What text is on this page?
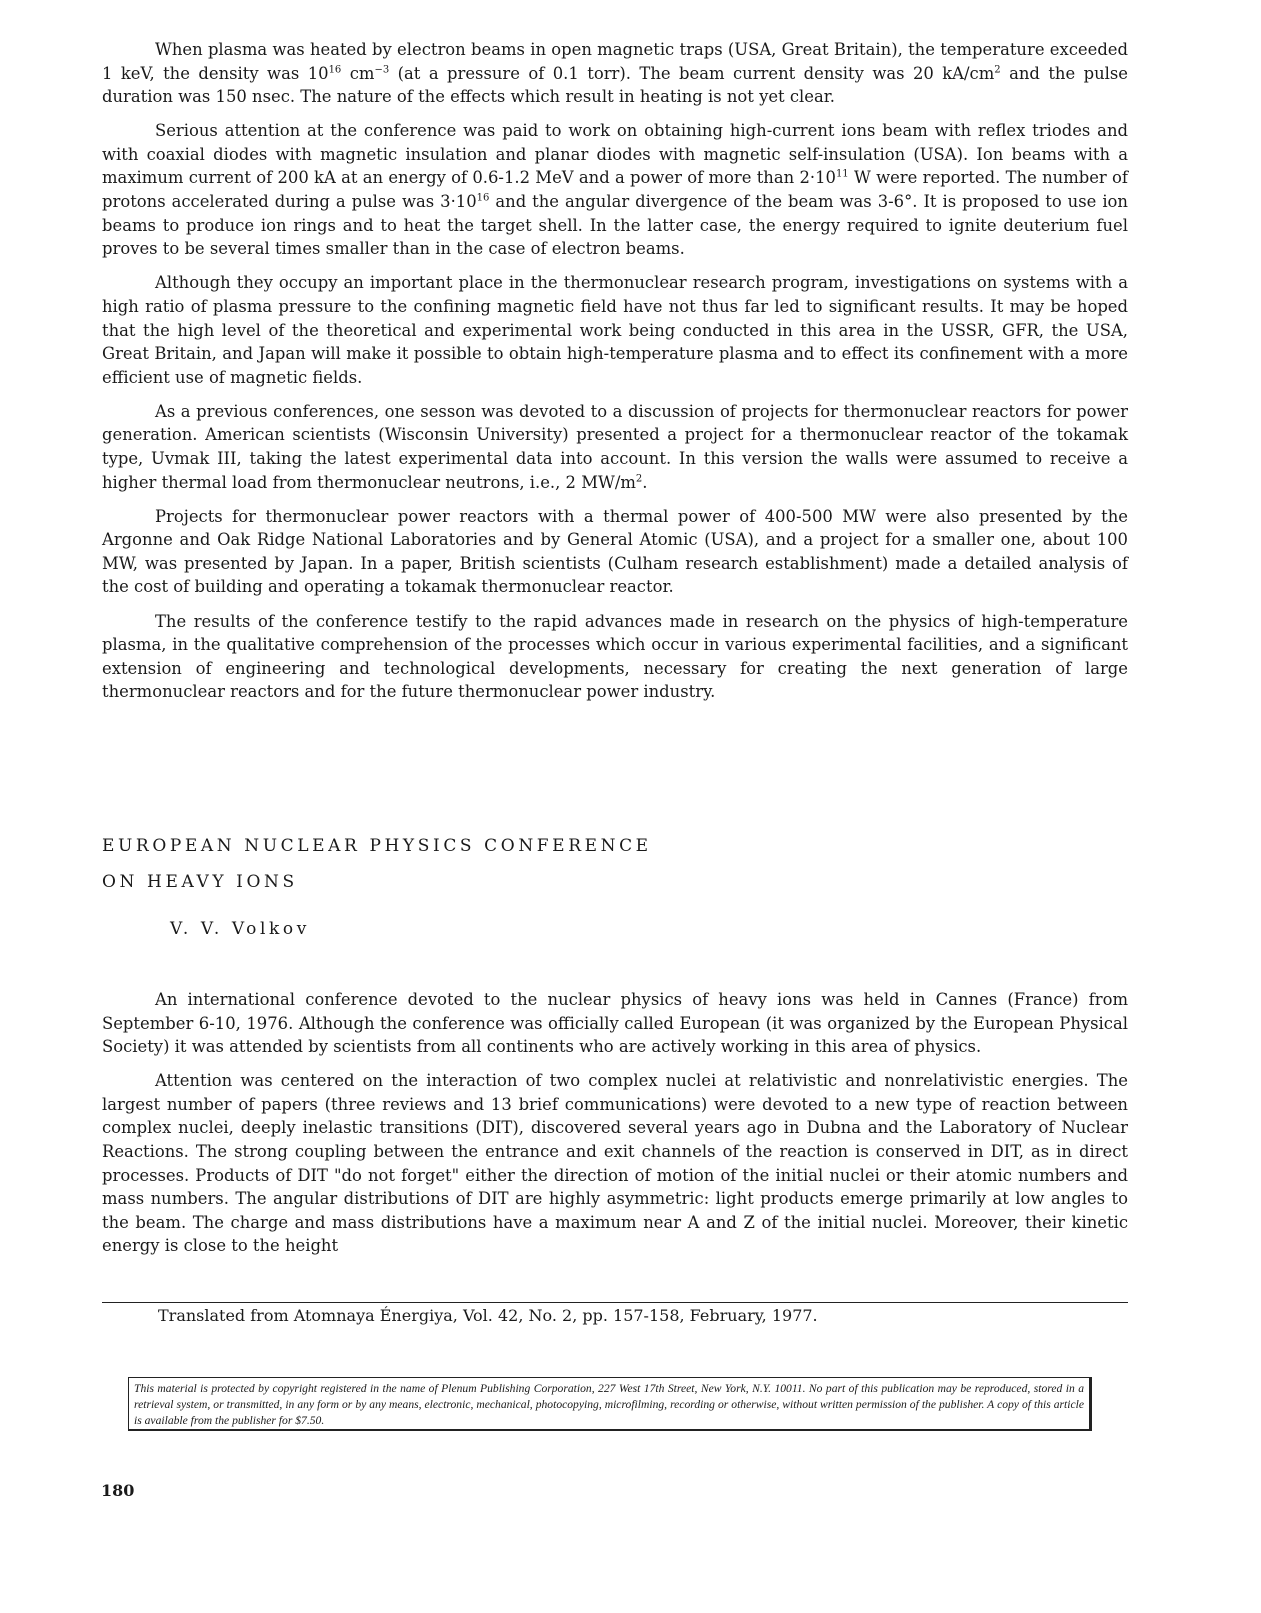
When plasma was heated by electron beams in open magnetic traps (USA, Great Britain), the temperature exceeded 1 keV, the density was $10^{16}$ $cm^{-3}$ (at a pressure of 0.1 torr). The beam current density was 20 $kA/cm^2$ and the pulse duration was 150 nsec. The nature of the effects which result in heating is not yet clear.

Serious attention at the conference was paid to work on obtaining high-current ions beam with reflex triodes and with coaxial diodes with magnetic insulation and planar diodes with magnetic self-insulation (USA). Ion beams with a maximum current of 200 kA at an energy of 0.6-1.2 MeV and a power of more than $2\cdot 10^{11}$ W were reported. The number of protons accelerated during a pulse was $3\cdot 10^{16}$ and the angular divergence of the beam was 3-6°. It is proposed to use ion beams to produce ion rings and to heat the target shell. In the latter case, the energy required to ignite deuterium fuel proves to be several times smaller than in the case of electron beams.

Although they occupy an important place in the thermonuclear research program, investigations on systems with a high ratio of plasma pressure to the confining magnetic field have not thus far led to significant results. It may be hoped that the high level of the theoretical and experimental work being conducted in this area in the USSR, GFR, the USA, Great Britain, and Japan will make it possible to obtain high-temperature plasma and to effect its confinement with a more efficient use of magnetic fields.

As a previous conferences, one sesson was devoted to a discussion of projects for thermonuclear reactors for power generation. American scientists (Wisconsin University) presented a project for a thermonuclear reactor of the tokamak type, Uvmak III, taking the latest experimental data into account. In this version the walls were assumed to receive a higher thermal load from thermonuclear neutrons, i.e., 2 $MW/m^2$.

Projects for thermonuclear power reactors with a thermal power of 400-500 MW were also presented by the Argonne and Oak Ridge National Laboratories and by General Atomic (USA), and a project for a smaller one, about 100 MW, was presented by Japan. In a paper, British scientists (Culham research establishment) made a detailed analysis of the cost of building and operating a tokamak thermonuclear reactor.

The results of the conference testify to the rapid advances made in research on the physics of high-temperature plasma, in the qualitative comprehension of the processes which occur in various experimental facilities, and a significant extension of engineering and technological developments, necessary for creating the next generation of large thermonuclear reactors and for the future thermonuclear power industry.

EUROPEAN NUCLEAR PHYSICS CONFERENCE
ON HEAVY IONS
V. V. Volkov

An international conference devoted to the nuclear physics of heavy ions was held in Cannes (France) from September 6-10, 1976. Although the conference was officially called European (it was organized by the European Physical Society) it was attended by scientists from all continents who are actively working in this area of physics.

Attention was centered on the interaction of two complex nuclei at relativistic and nonrelativistic energies. The largest number of papers (three reviews and 13 brief communications) were devoted to a new type of reaction between complex nuclei, deeply inelastic transitions (DIT), discovered several years ago in Dubna and the Laboratory of Nuclear Reactions. The strong coupling between the entrance and exit channels of the reaction is conserved in DIT, as in direct processes. Products of DIT "do not forget" either the direction of motion of the initial nuclei or their atomic numbers and mass numbers. The angular distributions of DIT are highly asymmetric: light products emerge primarily at low angles to the beam. The charge and mass distributions have a maximum near A and Z of the initial nuclei. Moreover, their kinetic energy is close to the height

Translated from Atomnaya Énergiya, Vol. 42, No. 2, pp. 157-158, February, 1977.
This material is protected by copyright registered in the name of Plenum Publishing Corporation, 227 West 17th Street, New York, N.Y. 10011. No part of this publication may be reproduced, stored in a retrieval system, or transmitted, in any form or by any means, electronic, mechanical, photocopying, microfilming, recording or otherwise, without written permission of the publisher. A copy of this article is available from the publisher for $7.50.
180
